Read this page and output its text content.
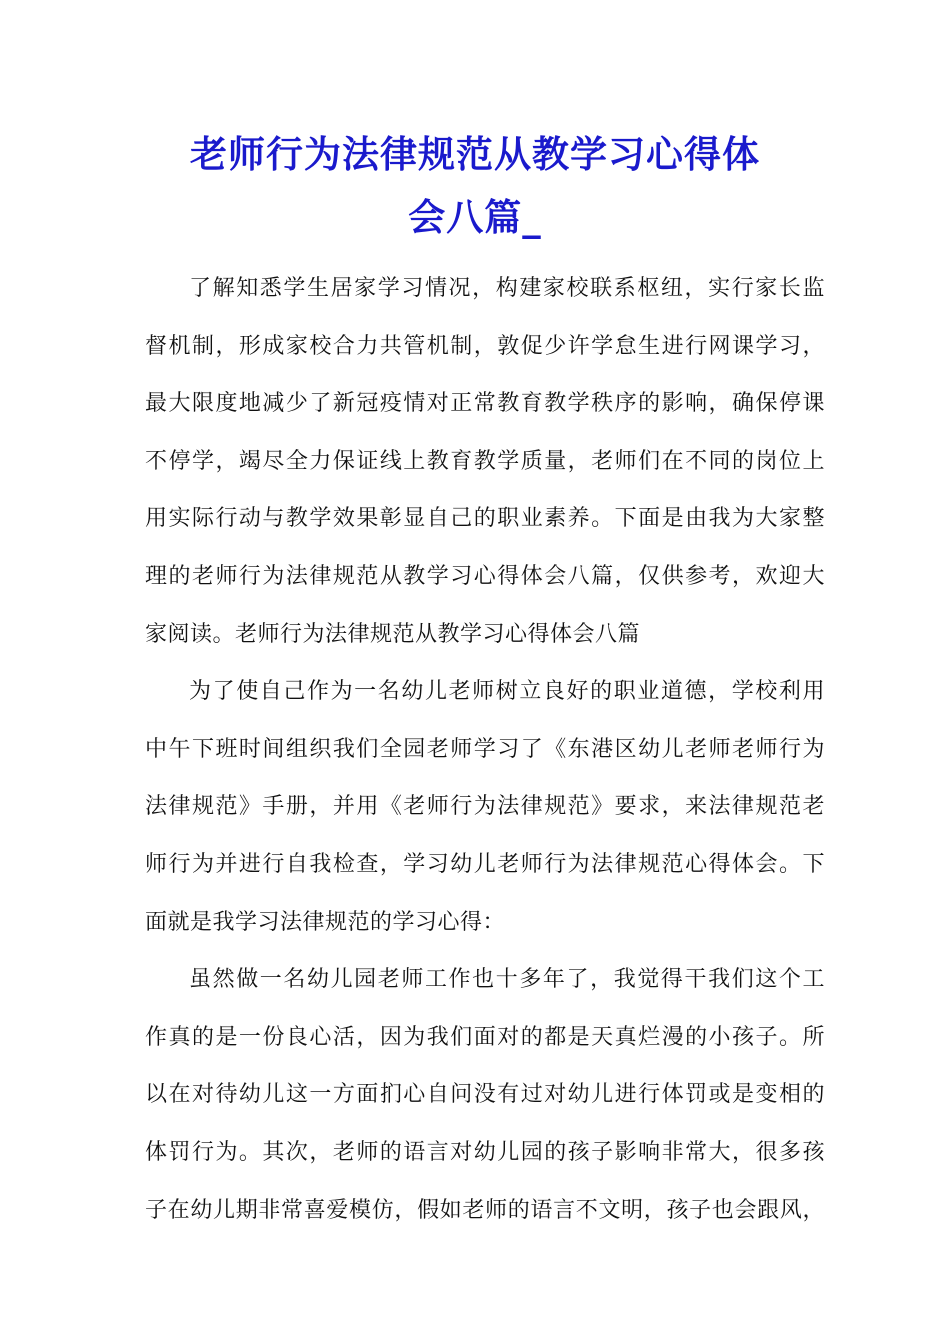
老师行为法律规范从教学习心得体
会八篇_
了解知悉学生居家学习情况，构建家校联系枢纽，实行家长监
督机制，形成家校合力共管机制，敦促少许学怠生进行网课学习，
最大限度地减少了新冠疫情对正常教育教学秩序的影响，确保停课
不停学，竭尽全力保证线上教育教学质量，老师们在不同的岗位上
用实际行动与教学效果彰显自己的职业素养。下面是由我为大家整
理的老师行为法律规范从教学习心得体会八篇，仅供参考，欢迎大
家阅读。老师行为法律规范从教学习心得体会八篇
为了使自己作为一名幼儿老师树立良好的职业道德，学校利用
中午下班时间组织我们全园老师学习了《东港区幼儿老师老师行为
法律规范》手册，并用《老师行为法律规范》要求，来法律规范老
师行为并进行自我检查，学习幼儿老师行为法律规范心得体会。下
面就是我学习法律规范的学习心得：
虽然做一名幼儿园老师工作也十多年了，我觉得干我们这个工
作真的是一份良心活，因为我们面对的都是天真烂漫的小孩子。所
以在对待幼儿这一方面扪心自问没有过对幼儿进行体罚或是变相的
体罚行为。其次，老师的语言对幼儿园的孩子影响非常大，很多孩
子在幼儿期非常喜爱模仿，假如老师的语言不文明，孩子也会跟风，
